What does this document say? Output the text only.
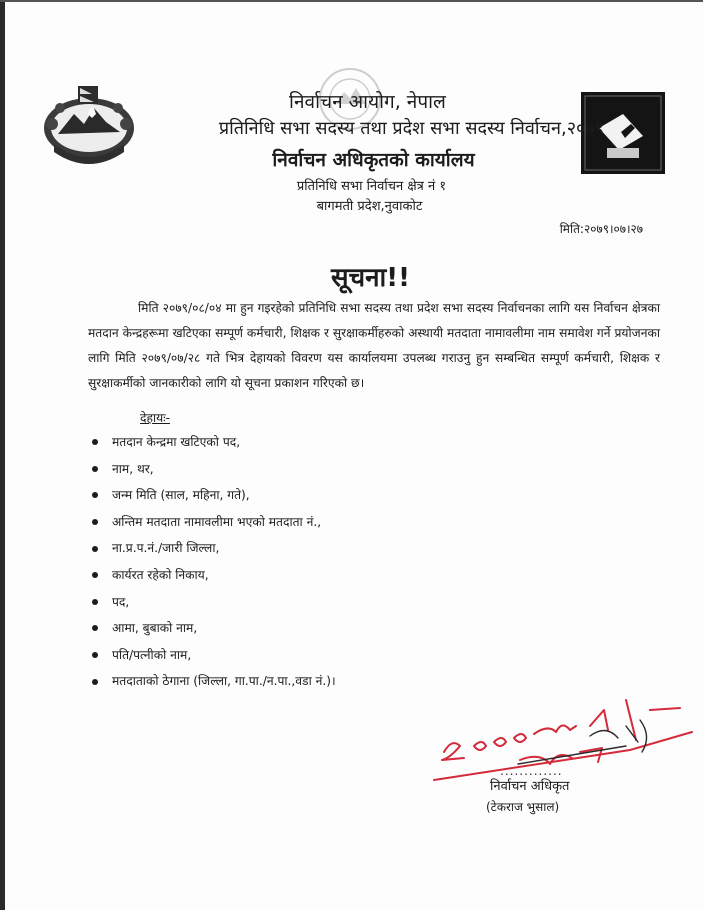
निर्वाचन आयोग, नेपाल
प्रतिनिधि सभा सदस्य तथा प्रदेश सभा सदस्य निर्वाचन,२०७९
निर्वाचन अधिकृतको कार्यालय
प्रतिनिधि सभा निर्वाचन क्षेत्र नं १
बागमती प्रदेश,नुवाकोट
मिति:२०७९।०७।२७
सूचना!!

मिति २०७९/०८/०४ मा हुन गइरहेको प्रतिनिधि सभा सदस्य तथा प्रदेश सभा सदस्य निर्वाचनका लागि यस निर्वाचन क्षेत्रका मतदान केन्द्रहरूमा खटिएका सम्पूर्ण कर्मचारी, शिक्षक र सुरक्षाकर्मीहरुको अस्थायी मतदाता नामावलीमा नाम समावेश गर्ने प्रयोजनका लागि मिति २०७९/०७/२८ गते भित्र देहायको विवरण यस कार्यालयमा उपलब्ध गराउनु हुन सम्बन्धित सम्पूर्ण कर्मचारी, शिक्षक र सुरक्षाकर्मीको जानकारीको लागि यो सूचना प्रकाशन गरिएको छ।

देहायः-
मतदान केन्द्रमा खटिएको पद,
नाम, थर,
जन्म मिति (साल, महिना, गते),
अन्तिम मतदाता नामावलीमा भएको मतदाता नं.,
ना.प्र.प.नं./जारी जिल्ला,
कार्यरत रहेको निकाय,
पद,
आमा, बुबाको नाम,
पति/पत्नीको नाम,
मतदाताको ठेगाना (जिल्ला, गा.पा./न.पा.,वडा नं.)।
.............
निर्वाचन अधिकृत
(टेकराज भुसाल)
